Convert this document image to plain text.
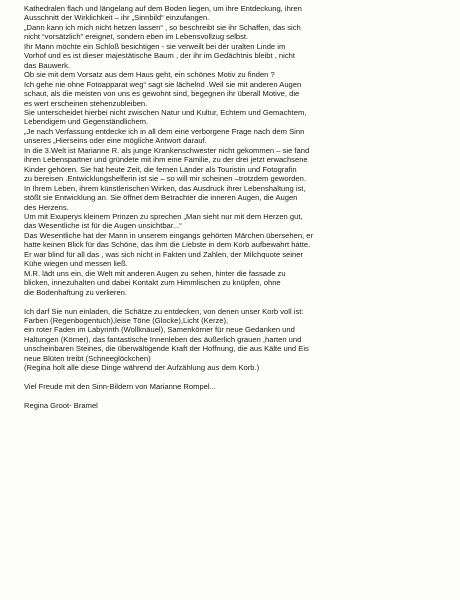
Kathedralen flach und längelang auf dem Boden liegen, um ihre Entdeckung, ihren
Ausschnitt der Wirklichkeit – ihr „Sinnbild“ einzufangen.
„Dann kann ich mich nicht hetzen lassen“ , so beschreibt sie ihr Schaffen, das sich
nicht “vorsätzlich” ereignet, sondern eben im Lebensvollzug selbst.
Ihr Mann möchte ein Schloß besichtigen - sie verweilt bei der uralten Linde im
Vorhof und es ist dieser majestätische Baum , der ihr im Gedächtnis bleibt , nicht
das Bauwerk.
Ob sie mit dem Vorsatz aus dem Haus geht, ein schönes Motiv zu finden ?
Ich gehe nie ohne Fotoapparat weg“ sagt sie lächelnd .Weil sie mit anderen Augen
schaut, als die meisten von uns es gewohnt sind, begegnen ihr überall Motive, die
es wert erscheinen stehenzubleiben.
Sie unterscheidet hierbei nicht zwischen Natur und Kultur, Echtem und Gemachtem,
Lebendigem und Gegenständlichem.
„Je nach Verfassung entdecke ich in all dem eine verborgene Frage nach dem Sinn
unseres „Hierseins oder eine mögliche Antwort darauf.
In die 3.Welt ist Marianne R. als junge Krankenschwester nicht gekommen – sie fand
ihren Lebenspartner und gründete mit ihm eine Familie, zu der drei jetzt erwachsene
Kinder gehören. Sie hat heute Zeit, die fernen Länder als Touristin und Fotografin
zu bereisen .Entwicklungshelferin ist sie – so will mir scheinen –trotzdem geworden.
In Ihrem Leben, ihrem künstlerischen Wirken, das Ausdruck ihrer Lebenshaltung ist,
stößt sie Entwicklung an. Sie öffnet dem Betrachter die inneren Augen, die Augen
des Herzens.
Um mit Exuperys kleinem Prinzen zu sprechen „Man sieht nur mit dem Herzen gut,
das Wesentliche ist für die Augen unsichtbar...“
Das Wesentliche hat der Mann in unserem eingangs gehörten Märchen übersehen, er
hatte keinen Blick für das Schöne, das ihm die Liebste in dem Korb aufbewahrt hatte.
Er war blind für all das , was sich nicht in Fakten und Zahlen, der Milchquote seiner
Kühe wiegen und messen ließ.
M.R. lädt uns ein, die Welt mit anderen Augen zu sehen, hinter die fassade zu
blicken, innezuhalten und dabei Kontakt zum Himmlischen zu knüpfen, ohne
die Bodenhaftung zu verlieren.
Ich darf Sie nun einladen, die Schätze zu entdecken, von denen unser Korb voll ist:
Farben (Regenbogentuch),leise Töne (Glocke),Licht (Kerze),
ein roter Faden im Labyrinth (Wollknäuel), Samenkörner für neue Gedanken und
Haltungen (Körner), das fantastische Innenleben des äußerlich grauen ,harten und
unscheinbaren Steines, die überwältigende Kraft der Hoffnung, die aus Kälte und Eis
neue Blüten treibt (Schneeglöckchen)
(Regina holt alle diese Dinge während der Aufzählung aus dem Korb.)
Viel Freude mit den Sinn-Bildern von Marianne Rompel...
Regina Groot- Bramel
